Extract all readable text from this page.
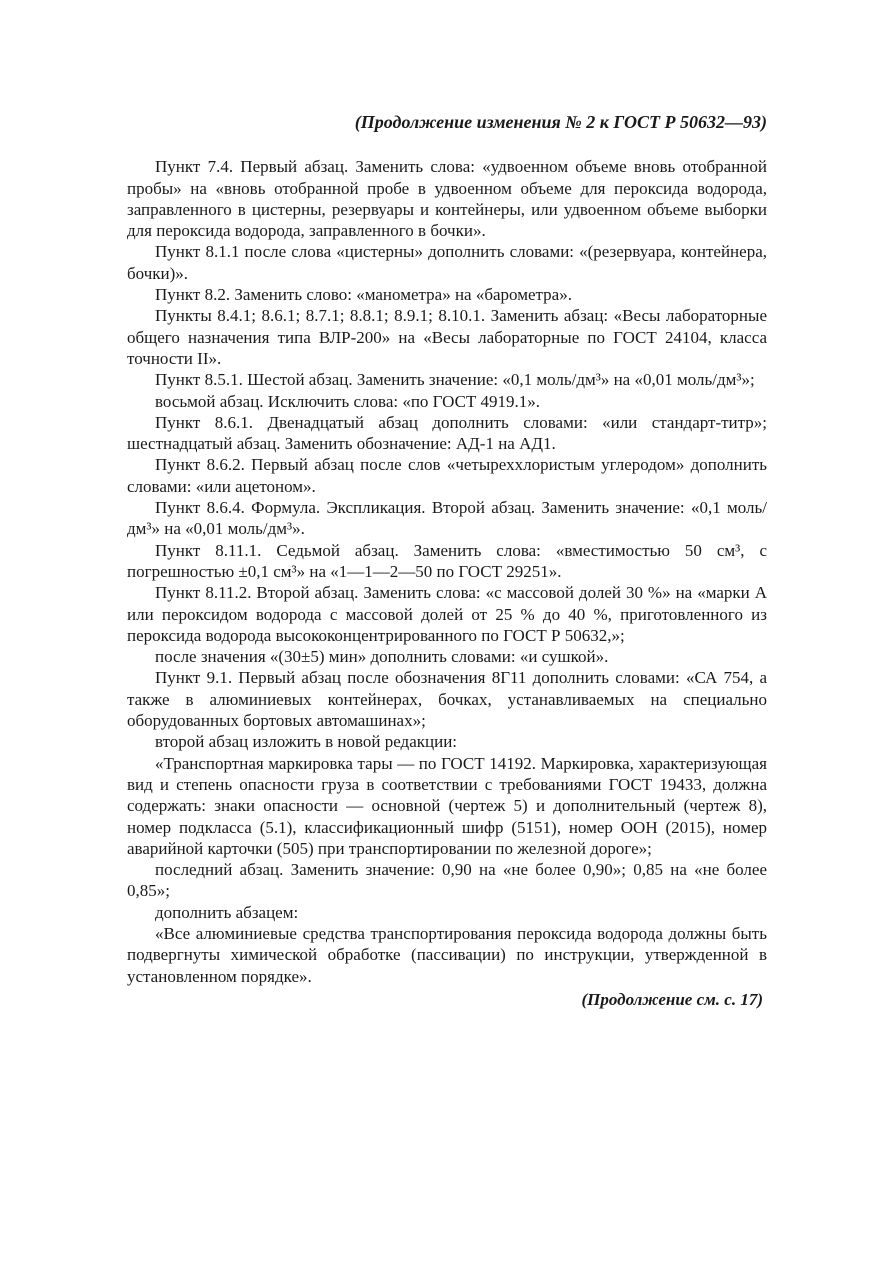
(Продолжение изменения № 2 к ГОСТ Р 50632—93)

Пункт 7.4. Первый абзац. Заменить слова: «удвоенном объеме вновь отобранной пробы» на «вновь отобранной пробе в удвоенном объеме для пероксида водорода, заправленного в цистерны, резервуары и контейнеры, или удвоенном объеме выборки для пероксида водорода, заправленного в бочки».

Пункт 8.1.1 после слова «цистерны» дополнить словами: «(резервуара, контейнера, бочки)».

Пункт 8.2. Заменить слово: «манометра» на «барометра».

Пункты 8.4.1; 8.6.1; 8.7.1; 8.8.1; 8.9.1; 8.10.1. Заменить абзац: «Весы лабораторные общего назначения типа ВЛР-200» на «Весы лабораторные по ГОСТ 24104, класса точности II».

Пункт 8.5.1. Шестой абзац. Заменить значение: «0,1 моль/дм³» на «0,01 моль/дм³»;

восьмой абзац. Исключить слова: «по ГОСТ 4919.1».

Пункт 8.6.1. Двенадцатый абзац дополнить словами: «или стандарт-титр»; шестнадцатый абзац. Заменить обозначение: АД-1 на АД1.

Пункт 8.6.2. Первый абзац после слов «четыреххлористым углеродом» дополнить словами: «или ацетоном».

Пункт 8.6.4. Формула. Экспликация. Второй абзац. Заменить значение: «0,1 моль/дм³» на «0,01 моль/дм³».

Пункт 8.11.1. Седьмой абзац. Заменить слова: «вместимостью 50 см³, с погрешностью ±0,1 см³» на «1—1—2—50 по ГОСТ 29251».

Пункт 8.11.2. Второй абзац. Заменить слова: «с массовой долей 30 %» на «марки А или пероксидом водорода с массовой долей от 25 % до 40 %, приготовленного из пероксида водорода высококонцентрированного по ГОСТ Р 50632,»;

после значения «(30±5) мин» дополнить словами: «и сушкой».

Пункт 9.1. Первый абзац после обозначения 8Г11 дополнить словами: «СА 754, а также в алюминиевых контейнерах, бочках, устанавливаемых на специально оборудованных бортовых автомашинах»;

второй абзац изложить в новой редакции:

«Транспортная маркировка тары — по ГОСТ 14192. Маркировка, характеризующая вид и степень опасности груза в соответствии с требованиями ГОСТ 19433, должна содержать: знаки опасности — основной (чертеж 5) и дополнительный (чертеж 8), номер подкласса (5.1), классификационный шифр (5151), номер ООН (2015), номер аварийной карточки (505) при транспортировании по железной дороге»;

последний абзац. Заменить значение: 0,90 на «не более 0,90»; 0,85 на «не более 0,85»;

дополнить абзацем:

«Все алюминиевые средства транспортирования пероксида водорода должны быть подвергнуты химической обработке (пассивации) по инструкции, утвержденной в установленном порядке».

(Продолжение см. с. 17)
